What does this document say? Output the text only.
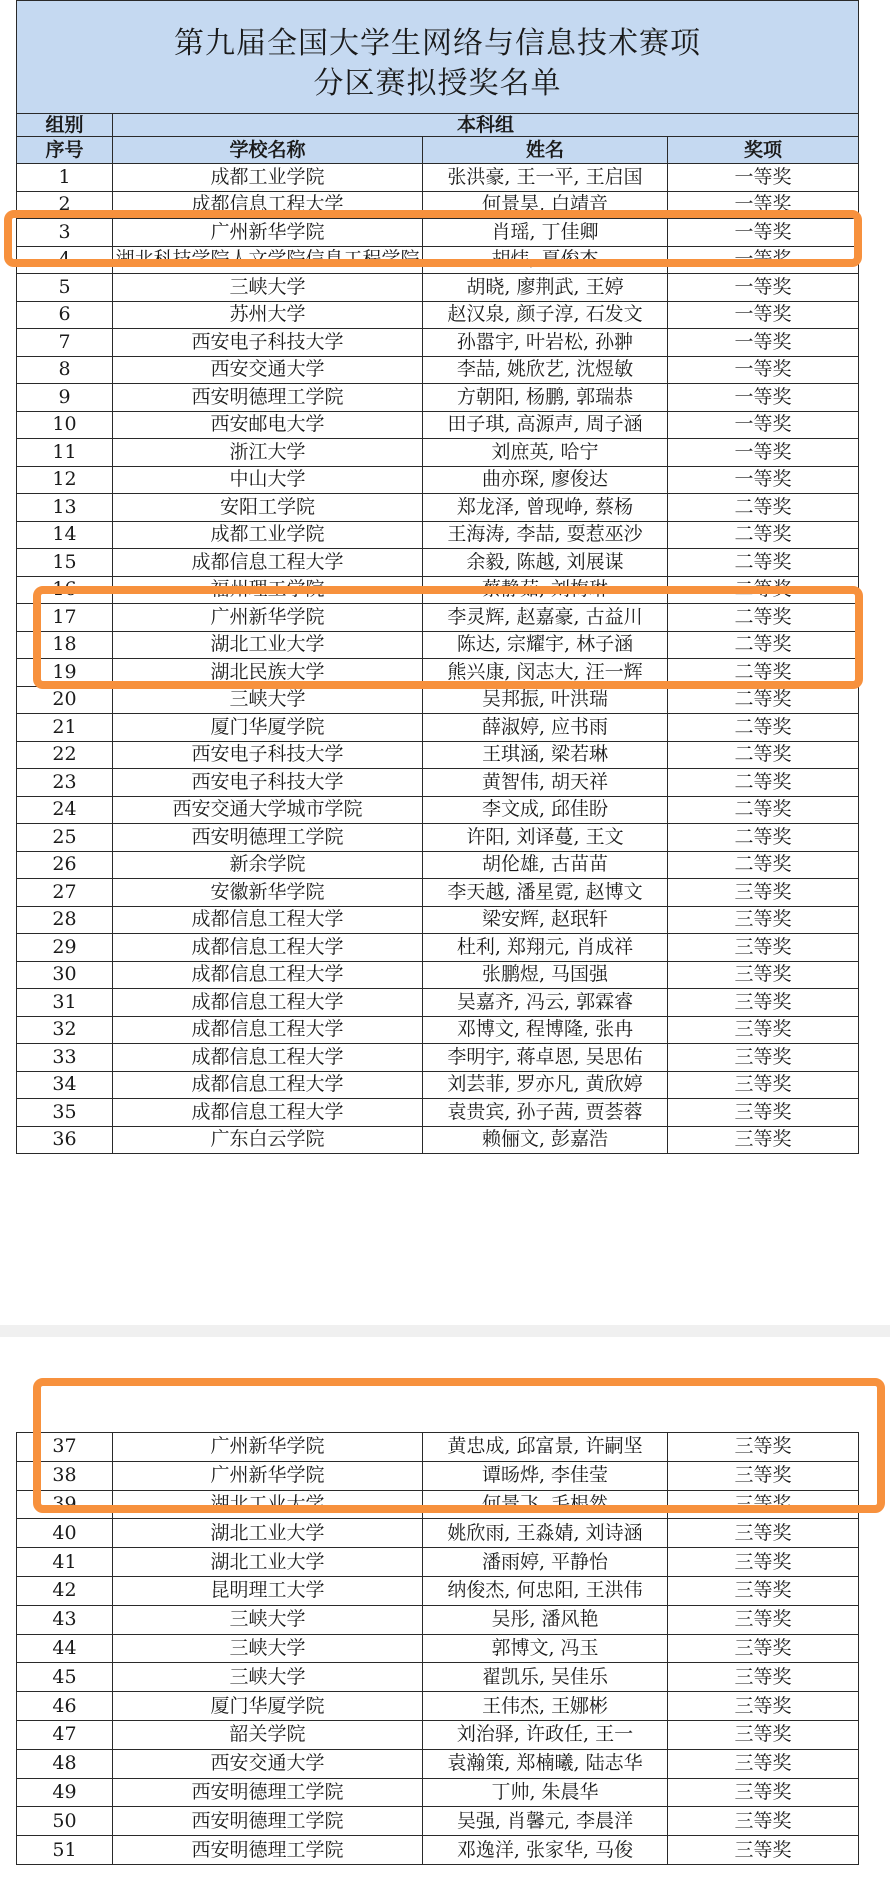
第九届全国大学生网络与信息技术赛项
分区赛拟授奖名单			

组别	本科组		
序号	学校名称	姓名	奖项
1	成都工业学院	张洪豪, 王一平, 王启国	一等奖
2	成都信息工程大学	何景昊, 白靖音	一等奖
3	广州新华学院	肖瑶, 丁佳卿	一等奖
4	湖北科技学院人文学院信息工程学院	胡炜, 夏俊杰	一等奖
5	三峡大学	胡晓, 廖荆武, 王婷	一等奖
6	苏州大学	赵汉泉, 颜子淳, 石发文	一等奖
7	西安电子科技大学	孙嚣宇, 叶岩松, 孙翀	一等奖
8	西安交通大学	李喆, 姚欣艺, 沈煜敏	一等奖
9	西安明德理工学院	方朝阳, 杨鹏, 郭瑞恭	一等奖
10	西安邮电大学	田子琪, 高源声, 周子涵	一等奖
11	浙江大学	刘庶英, 哈宁	一等奖
12	中山大学	曲亦琛, 廖俊达	一等奖
13	安阳工学院	郑龙泽, 曾现峥, 蔡杨	二等奖
14	成都工业学院	王海涛, 李喆, 耍惹巫沙	二等奖
15	成都信息工程大学	余毅, 陈越, 刘展谋	二等奖
16	福州理工学院	蔡静茹, 刘梅琳	二等奖
17	广州新华学院	李灵辉, 赵嘉豪, 古益川	二等奖
18	湖北工业大学	陈达, 宗耀宇, 林子涵	二等奖
19	湖北民族大学	熊兴康, 闵志大, 汪一辉	二等奖
20	三峡大学	吴邦振, 叶洪瑞	二等奖
21	厦门华厦学院	薛淑婷, 应书雨	二等奖
22	西安电子科技大学	王琪涵, 梁若琳	二等奖
23	西安电子科技大学	黄智伟, 胡天祥	二等奖
24	西安交通大学城市学院	李文成, 邱佳盼	二等奖
25	西安明德理工学院	许阳, 刘译蔓, 王文	二等奖
26	新余学院	胡伦雄, 古苗苗	二等奖
27	安徽新华学院	李天越, 潘星霓, 赵博文	三等奖
28	成都信息工程大学	梁安辉, 赵珉轩	三等奖
29	成都信息工程大学	杜利, 郑翔元, 肖成祥	三等奖
30	成都信息工程大学	张鹏煜, 马国强	三等奖
31	成都信息工程大学	吴嘉齐, 冯云, 郭霖睿	三等奖
32	成都信息工程大学	邓博文, 程博隆, 张冉	三等奖
33	成都信息工程大学	李明宇, 蒋卓恩, 吴思佑	三等奖
34	成都信息工程大学	刘芸菲, 罗亦凡, 黄欣婷	三等奖
35	成都信息工程大学	袁贵宾, 孙子茜, 贾荟蓉	三等奖
36	广东白云学院	赖俪文, 彭嘉浩	三等奖
37	广州新华学院	黄忠成, 邱富景, 许嗣坚	三等奖
38	广州新华学院	谭旸烨, 李佳莹	三等奖
39	湖北工业大学	何景飞, 毛根然	三等奖
40	湖北工业大学	姚欣雨, 王淼婧, 刘诗涵	三等奖
41	湖北工业大学	潘雨婷, 平静怡	三等奖
42	昆明理工大学	纳俊杰, 何忠阳, 王洪伟	三等奖
43	三峡大学	吴彤, 潘风艳	三等奖
44	三峡大学	郭博文, 冯玉	三等奖
45	三峡大学	翟凯乐, 吴佳乐	三等奖
46	厦门华厦学院	王伟杰, 王娜彬	三等奖
47	韶关学院	刘治驿, 许政任, 王一	三等奖
48	西安交通大学	袁瀚策, 郑楠曦, 陆志华	三等奖
49	西安明德理工学院	丁帅, 朱晨华	三等奖
50	西安明德理工学院	吴强, 肖馨元, 李晨洋	三等奖
51	西安明德理工学院	邓逸洋, 张家华, 马俊	三等奖
